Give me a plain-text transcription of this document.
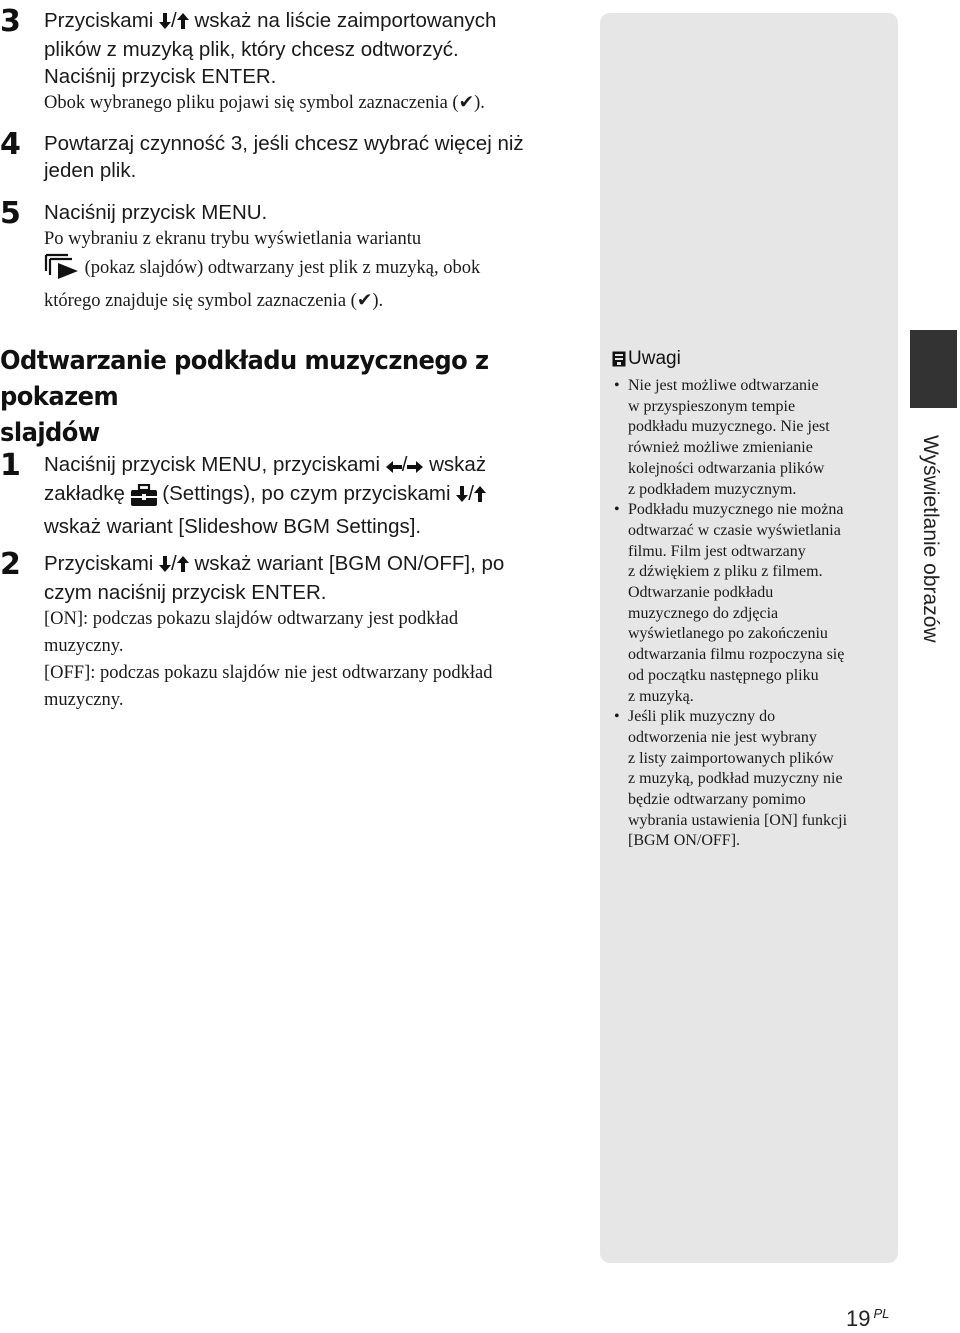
3 Przyciskami / wskaż na liście zaimportowanych
plików z muzyką plik, który chcesz odtworzyć.
Naciśnij przycisk ENTER.
Obok wybranego pliku pojawi się symbol zaznaczenia (✔).
4 Powtarzaj czynność 3, jeśli chcesz wybrać więcej niż
jeden plik.
5 Naciśnij przycisk MENU.
Po wybraniu z ekranu trybu wyświetlania wariantu
(pokaz slajdów) odtwarzany jest plik z muzyką, obok
którego znajduje się symbol zaznaczenia (✔).
Odtwarzanie podkładu muzycznego z pokazem
slajdów
1 Naciśnij przycisk MENU, przyciskami / wskaż
zakładkę  (Settings), po czym przyciskami /
wskaż wariant [Slideshow BGM Settings].
2 Przyciskami / wskaż wariant [BGM ON/OFF], po
czym naciśnij przycisk ENTER.
[ON]: podczas pokazu slajdów odtwarzany jest podkład
muzyczny.
[OFF]: podczas pokazu slajdów nie jest odtwarzany podkład
muzyczny.
Uwagi
• Nie jest możliwe odtwarzanie
w przyspieszonym tempie
podkładu muzycznego. Nie jest
również możliwe zmienianie
kolejności odtwarzania plików
z podkładem muzycznym.
• Podkładu muzycznego nie można
odtwarzać w czasie wyświetlania
filmu. Film jest odtwarzany
z dźwiękiem z pliku z filmem.
Odtwarzanie podkładu
muzycznego do zdjęcia
wyświetlanego po zakończeniu
odtwarzania filmu rozpoczyna się
od początku następnego pliku
z muzyką.
• Jeśli plik muzyczny do
odtworzenia nie jest wybrany
z listy zaimportowanych plików
z muzyką, podkład muzyczny nie
będzie odtwarzany pomimo
wybrania ustawienia [ON] funkcji
[BGM ON/OFF].
Wyświetlanie obrazów
19 $^{PL}$
